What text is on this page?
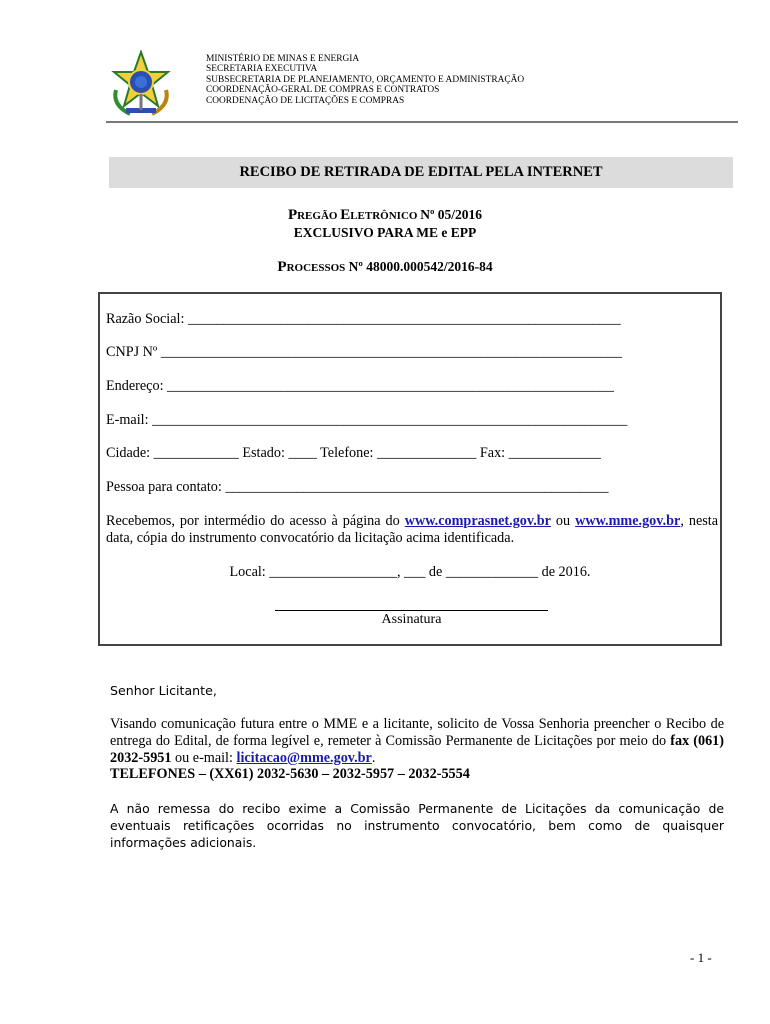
MINISTÉRIO DE MINAS E ENERGIA
SECRETARIA EXECUTIVA
SUBSECRETARIA DE PLANEJAMENTO, ORÇAMENTO E ADMINISTRAÇÃO
COORDENAÇÃO-GERAL DE COMPRAS E CONTRATOS
COORDENAÇÃO DE LICITAÇÕES E COMPRAS
RECIBO DE RETIRADA DE EDITAL PELA INTERNET
PREGÃO ELETRÔNICO Nº 05/2016
EXCLUSIVO PARA ME e EPP
PROCESSOS Nº 48000.000542/2016-84
Razão Social: _____________________________________________________________
CNPJ Nº _________________________________________________________________
Endereço: _______________________________________________________________
E-mail: ___________________________________________________________________
Cidade: ____________ Estado: ____ Telefone: ______________ Fax: _____________
Pessoa para contato: ______________________________________________________
Recebemos, por intermédio do acesso à página do www.comprasnet.gov.br ou www.mme.gov.br, nesta data, cópia do instrumento convocatório da licitação acima identificada.
Local: __________________, ___ de _____________ de 2016.
Assinatura
Senhor Licitante,
Visando comunicação futura entre o MME e a licitante, solicito de Vossa Senhoria preencher o Recibo de entrega do Edital, de forma legível e, remeter à Comissão Permanente de Licitações por meio do fax (061) 2032-5951 ou e-mail: licitacao@mme.gov.br.
TELEFONES – (XX61) 2032-5630 – 2032-5957 – 2032-5554
A não remessa do recibo exime a Comissão Permanente de Licitações da comunicação de eventuais retificações ocorridas no instrumento convocatório, bem como de quaisquer informações adicionais.
- 1 -
